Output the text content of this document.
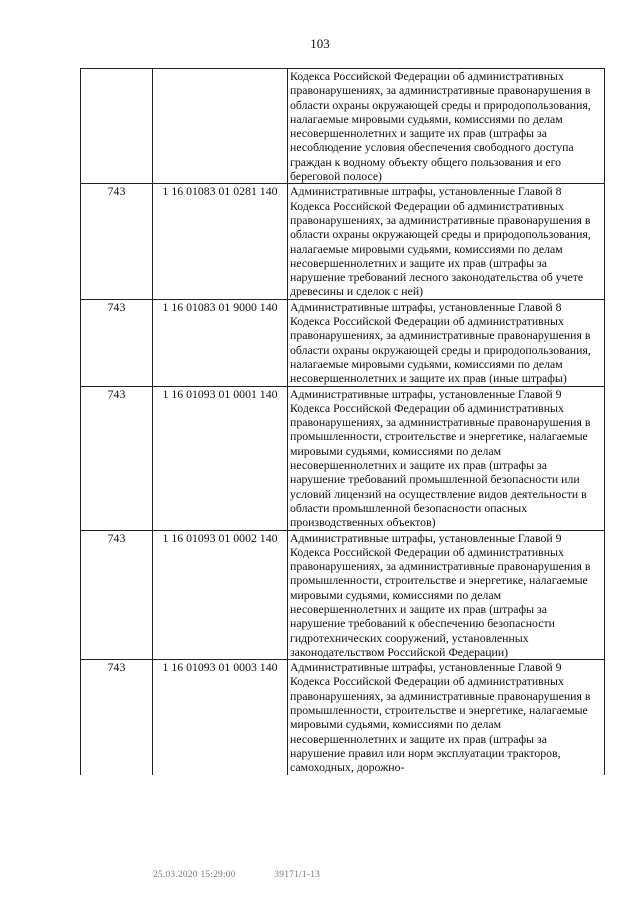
103
		Кодекса Российской Федерации об административных правонарушениях, за административные правонарушения в области охраны окружающей среды и природопользования, налагаемые мировыми судьями, комиссиями по делам несовершеннолетних и защите их прав (штрафы за несоблюдение условия обеспечения свободного доступа граждан к водному объекту общего пользования и его береговой полосе)
743	1 16 01083 01 0281 140	Административные штрафы, установленные Главой 8 Кодекса Российской Федерации об административных правонарушениях, за административные правонарушения в области охраны окружающей среды и природопользования, налагаемые мировыми судьями, комиссиями по делам несовершеннолетних и защите их прав (штрафы за нарушение требований лесного законодательства об учете древесины и сделок с ней)
743	1 16 01083 01 9000 140	Административные штрафы, установленные Главой 8 Кодекса Российской Федерации об административных правонарушениях, за административные правонарушения в области охраны окружающей среды и природопользования, налагаемые мировыми судьями, комиссиями по делам несовершеннолетних и защите их прав (иные штрафы)
743	1 16 01093 01 0001 140	Административные штрафы, установленные Главой 9 Кодекса Российской Федерации об административных правонарушениях, за административные правонарушения в промышленности, строительстве и энергетике, налагаемые мировыми судьями, комиссиями по делам несовершеннолетних и защите их прав (штрафы за нарушение требований промышленной безопасности или условий лицензий на осуществление видов деятельности в области промышленной безопасности опасных производственных объектов)
743	1 16 01093 01 0002 140	Административные штрафы, установленные Главой 9 Кодекса Российской Федерации об административных правонарушениях, за административные правонарушения в промышленности, строительстве и энергетике, налагаемые мировыми судьями, комиссиями по делам несовершеннолетних и защите их прав (штрафы за нарушение требований к обеспечению безопасности гидротехнических сооружений, установленных законодательством Российской Федерации)
743	1 16 01093 01 0003 140	Административные штрафы, установленные Главой 9 Кодекса Российской Федерации об административных правонарушениях, за административные правонарушения в промышленности, строительстве и энергетике, налагаемые мировыми судьями, комиссиями по делам несовершеннолетних и защите их прав (штрафы за нарушение правил или норм эксплуатации тракторов, самоходных, дорожно-
25.03.2020 15:29:00	39171/1-13
